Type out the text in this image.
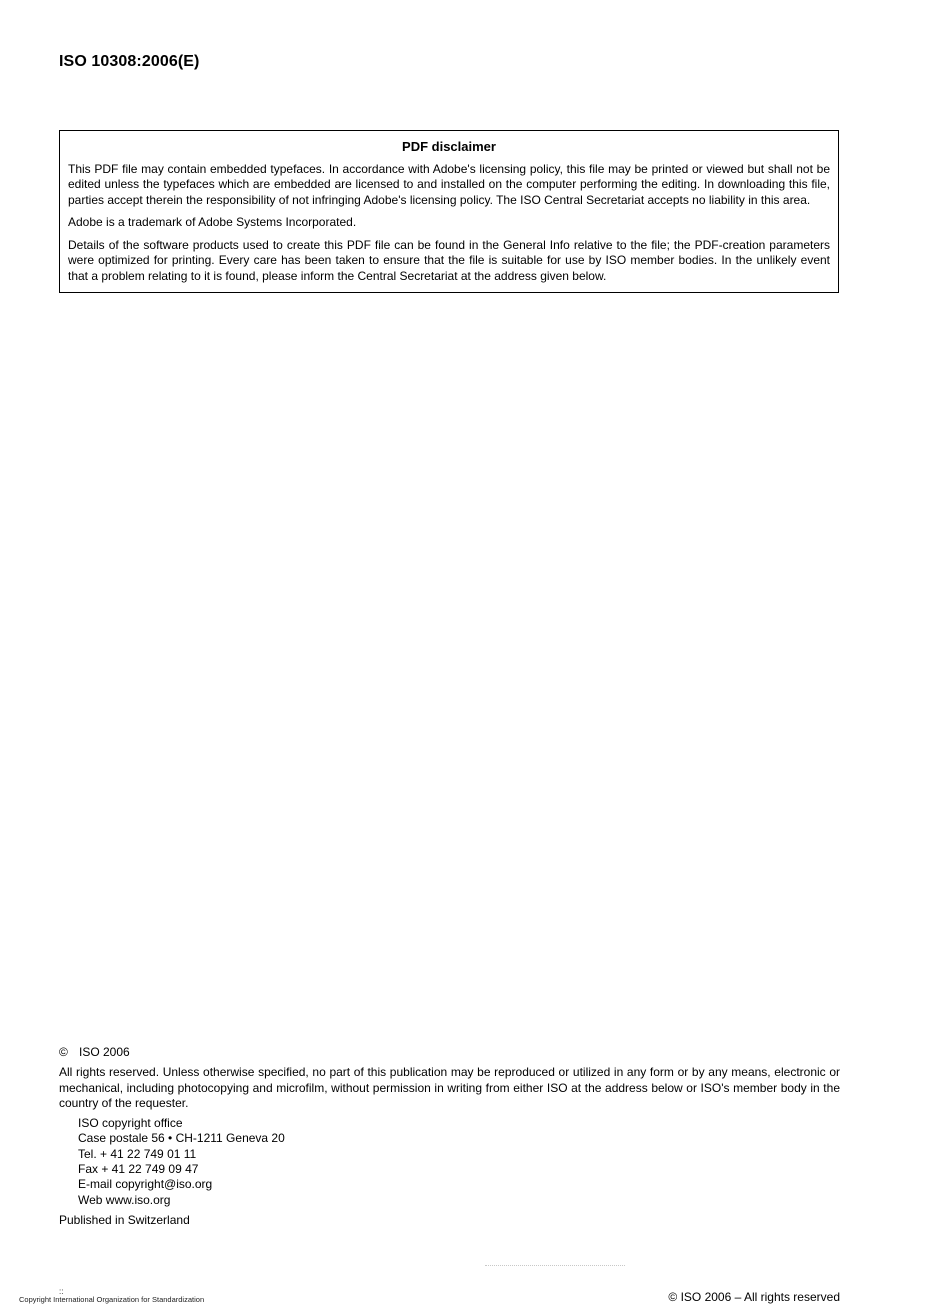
ISO 10308:2006(E)
PDF disclaimer

This PDF file may contain embedded typefaces. In accordance with Adobe's licensing policy, this file may be printed or viewed but shall not be edited unless the typefaces which are embedded are licensed to and installed on the computer performing the editing. In downloading this file, parties accept therein the responsibility of not infringing Adobe's licensing policy. The ISO Central Secretariat accepts no liability in this area.

Adobe is a trademark of Adobe Systems Incorporated.

Details of the software products used to create this PDF file can be found in the General Info relative to the file; the PDF-creation parameters were optimized for printing. Every care has been taken to ensure that the file is suitable for use by ISO member bodies. In the unlikely event that a problem relating to it is found, please inform the Central Secretariat at the address given below.

© ISO 2006

All rights reserved. Unless otherwise specified, no part of this publication may be reproduced or utilized in any form or by any means, electronic or mechanical, including photocopying and microfilm, without permission in writing from either ISO at the address below or ISO's member body in the country of the requester.

ISO copyright office
Case postale 56 • CH-1211 Geneva 20
Tel. + 41 22 749 01 11
Fax + 41 22 749 09 47
E-mail copyright@iso.org
Web www.iso.org

Published in Switzerland

::
Copyright International Organization for Standardization	© ISO 2006 – All rights reserved
